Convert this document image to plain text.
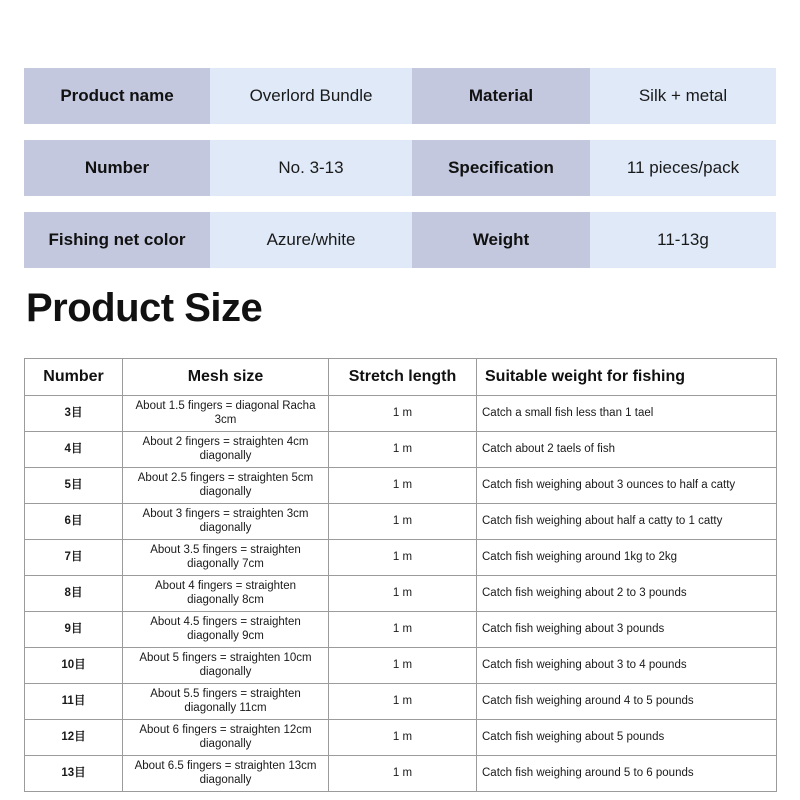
Product name	Overlord Bundle	Material	Silk + metal
Number	No. 3-13	Specification	11 pieces/pack
Fishing net color	Azure/white	Weight	11-13g
Product Size
Number	Mesh size	Stretch length	Suitable weight for fishing
3目	About 1.5 fingers = diagonal Racha 3cm	1 m	Catch a small fish less than 1 tael
4目	About 2 fingers = straighten 4cm diagonally	1 m	Catch about 2 taels of fish
5目	About 2.5 fingers = straighten 5cm diagonally	1 m	Catch fish weighing about 3 ounces to half a catty
6目	About 3 fingers = straighten 3cm diagonally	1 m	Catch fish weighing about half a catty to 1 catty
7目	About 3.5 fingers = straighten diagonally 7cm	1 m	Catch fish weighing around 1kg to 2kg
8目	About 4 fingers = straighten diagonally 8cm	1 m	Catch fish weighing about 2 to 3 pounds
9目	About 4.5 fingers = straighten diagonally 9cm	1 m	Catch fish weighing about 3 pounds
10目	About 5 fingers = straighten 10cm diagonally	1 m	Catch fish weighing about 3 to 4 pounds
11目	About 5.5 fingers = straighten diagonally 11cm	1 m	Catch fish weighing around 4 to 5 pounds
12目	About 6 fingers = straighten 12cm diagonally	1 m	Catch fish weighing about 5 pounds
13目	About 6.5 fingers = straighten 13cm diagonally	1 m	Catch fish weighing around 5 to 6 pounds
